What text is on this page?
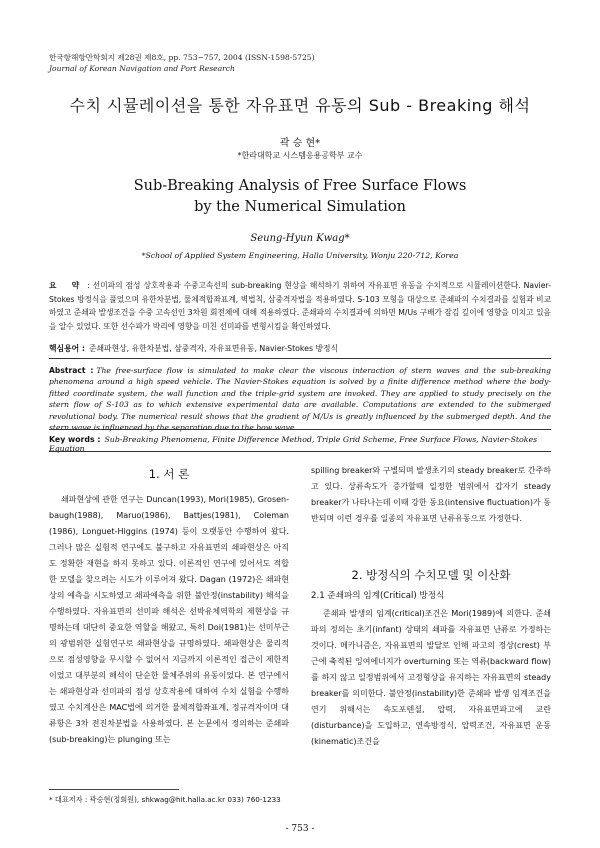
한국항해항만학회지 제28권 제8호, pp. 753~757, 2004 (ISSN-1598-5725)
Journal of Korean Navigation and Port Research
수치 시뮬레이션을 통한 자유표면 유동의 Sub - Breaking 해석
곽 승 현*
*한라대학교 시스템응용공학부 교수
Sub-Breaking Analysis of Free Surface Flows
by the Numerical Simulation
Seung-Hyun Kwag*
*School of Applied System Engineering, Halla University, Wonju 220-712, Korea
요 약 : 선미파의 점성 상호작용과 수중고속선의 sub-breaking 현상을 해석하기 위하여 자유표면 유동을 수치적으로 시뮬레이션한다. Navier-Stokes 방정식을 풀었으며 유한차분법, 물체적합좌표계, 벽법칙, 삼중격자법을 적용하였다. S-103 모형을 대상으로 준쇄파의 수치결과를 실험과 비교하였고 준쇄파 발생조건을 수중 고속선인 3차원 회전체에 대해 적용하였다. 준쇄파의 수치결과에 의하면 M/Us 구배가 잠김 깊이에 영향을 미치고 있음을 알수 있었다. 또한 선수파가 박리에 영향을 미친 선미파를 변형시킴을 확인하였다.
핵심용어 : 준쇄파현상, 유한차분법, 삼중격자, 자유표면유동, Navier-Stokes 방정식
Abstract : The free-surface flow is simulated to make clear the viscous interaction of stern waves and the sub-breaking phenomena around a high speed vehicle. The Navier-Stokes equation is solved by a finite difference method where the body-fitted coordinate system, the wall function and the triple-grid system are invoked. They are applied to study precisely on the stern flow of S-103 as to which extensive experimental data are available. Computations are extended to the submerged revolutional body. The numerical result shows that the gradient of M/Us is greatly influenced by the submerged depth. And the stern wave is influenced by the separation due to the bow wave.
Key words : Sub-Breaking Phenomena, Finite Difference Method, Triple Grid Scheme, Free Surface Flows, Navier-Stokes Equation
1. 서 론

쇄파현상에 관한 연구는 Duncan(1993), Mori(1985), Grosen-baugh(1988), Maruo(1986), Battjes(1981), Coleman (1986), Longuet-Higgins (1974) 등이 오랫동안 수행하여 왔다. 그러나 많은 실험적 연구에도 불구하고 자유표면의 쇄파현상은 아직도 정확한 재현을 하지 못하고 있다. 이론적인 연구에 있어서도 적합한 모델을 찾으려는 시도가 이루어져 왔다. Dagan (1972)은 쇄파현상의 예측을 시도하였고 쇄파예측을 위한 불안정(instability) 해석을 수행하였다. 자유표면의 선미파 해석은 선박유체역학의 제현상을 규명하는데 대단히 중요한 역할을 해왔고, 특히 Doi(1981)는 선미부근의 광범위한 실험연구로 쇄파현상을 규명하였다. 쇄파현상은 물리적으로 점성영향을 무시할 수 없어서 지금까지 이론적인 접근이 제한적이었고 대부분의 해석이 단순한 물체주위의 유동이었다. 본 연구에서는 쇄파현상과 선미파의 점성 상호작용에 대하여 수치 실험을 수행하였고 수치계산은 MAC법에 의거한 물체적합좌표계, 정규격자이며 대류항은 3차 전진차분법을 사용하였다. 본 논문에서 정의하는 준쇄파(sub-breaking)는 plunging 또는

spilling breaker와 구별되며 발생초기의 steady breaker로 간주하고 있다. 상류속도가 증가할때 일정한 범위에서 갑자기 steady breaker가 나타나는데 이때 강한 동요(intensive fluctuation)가 동반되며 이런 경우를 일종의 자유표면 난류유동으로 가정한다.

2. 방정식의 수치모델 및 이산화
2.1 준쇄파의 임계(Critical) 방정식

준쇄파 발생의 임계(critical)조건은 Mori(1989)에 의한다. 준쇄파의 정의는 초기(infant) 상태의 쇄파를 자유표면 난류로 가정하는 것이다. 메카니즘은, 자유표면의 발달로 인해 파고의 정상(crest) 부근에 축적된 잉여에너지가 overturning 또는 역류(backward flow)를 하지 않고 일정범위에서 고정형상을 유지하는 자유표면의 steady breaker를 의미한다. 불안정(instability)한 준쇄파 발생 임계조건을 연기 위해서는 속도포텐셜, 압력, 자유표면파고에 교란(disturbance)을 도입하고, 연속방정식, 압력조건, 자유표면 운동(kinematic)조건을

* 대표저자 : 곽승현(정회원), shkwag@hit.halla.ac.kr 033) 760-1233
- 753 -
